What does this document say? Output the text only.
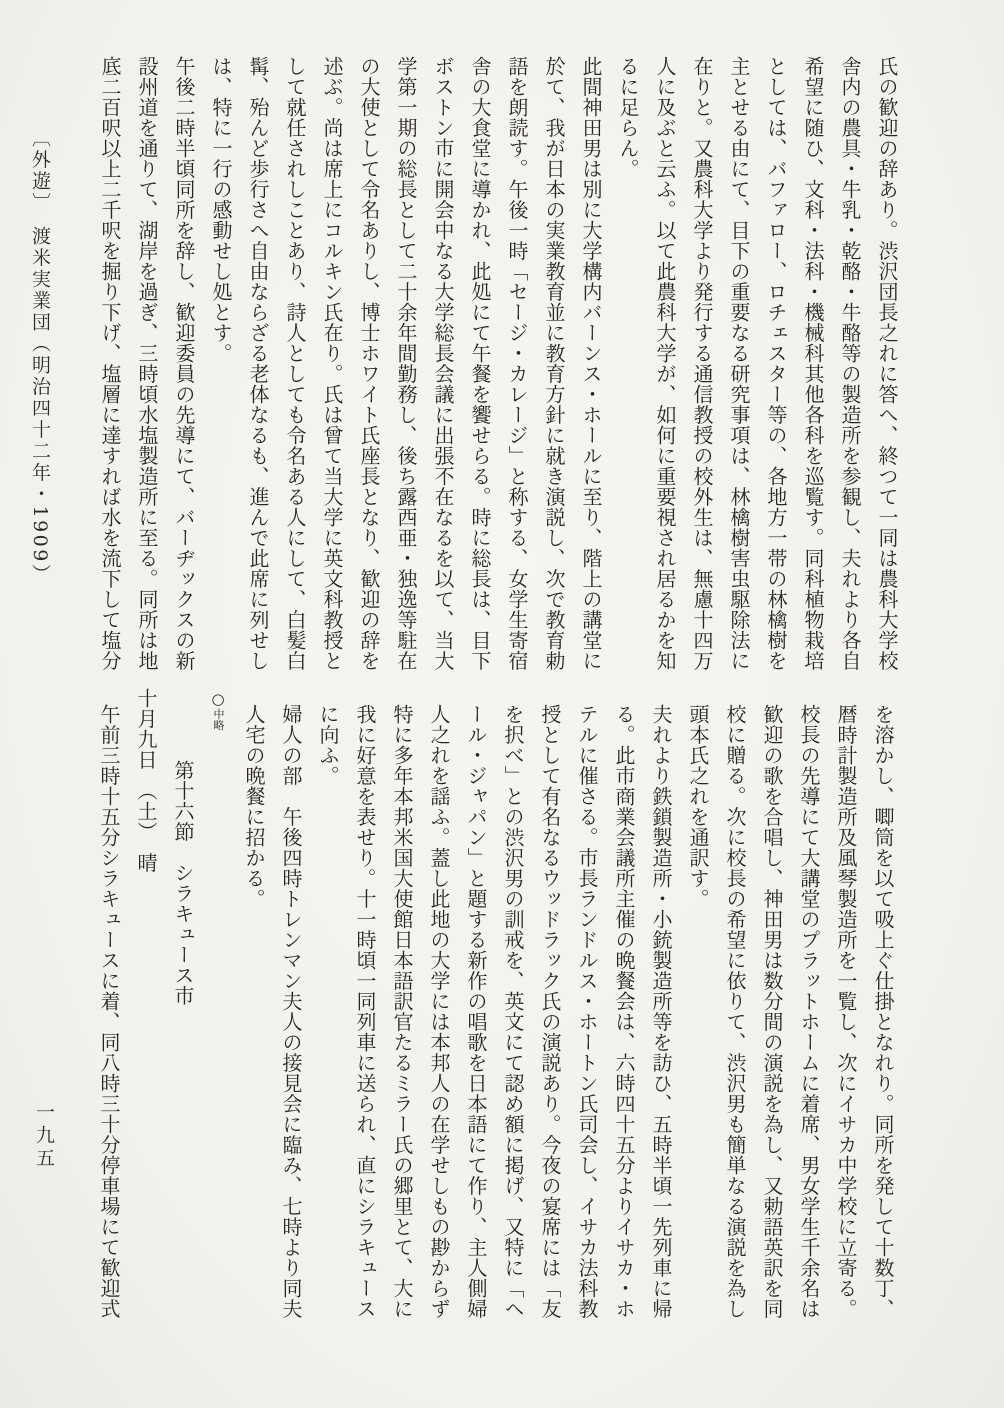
氏の歓迎の辞あり。渋沢団長之れに答へ、終つて一同は農科大学校

舎内の農具・牛乳・乾酪・牛酪等の製造所を参観し、夫れより各自

希望に随ひ、文科・法科・機械科其他各科を巡覧す。同科植物栽培

としては、バファロー、ロチェスター等の、各地方一帯の林檎樹を

主とせる由にて、目下の重要なる研究事項は、林檎樹害虫駆除法に

在りと。又農科大学より発行する通信教授の校外生は、無慮十四万

人に及ぶと云ふ。以て此農科大学が、如何に重要視され居るかを知

るに足らん。

此間神田男は別に大学構内バーンス・ホールに至り、階上の講堂に

於て、我が日本の実業教育並に教育方針に就き演説し、次で教育勅

語を朗読す。午後一時「セージ・カレージ」と称する、女学生寄宿

舎の大食堂に導かれ、此処にて午餐を饗せらる。時に総長は、目下

ボストン市に開会中なる大学総長会議に出張不在なるを以て、当大

学第一期の総長として二十余年間勤務し、後ち露西亜・独逸等駐在

の大使として令名ありし、博士ホワイト氏座長となり、歓迎の辞を

述ぶ。尚は席上にコルキン氏在り。氏は曾て当大学に英文科教授と

して就任されしことあり、詩人としても令名ある人にして、白髪白

髯、殆んど歩行さへ自由ならざる老体なるも、進んで此席に列せし

は、特に一行の感動せし処とす。

午後二時半頃同所を辞し、歓迎委員の先導にて、バーヂックスの新

設州道を通りて、湖岸を過ぎ、三時頃水塩製造所に至る。同所は地

底二百呎以上二千呎を掘り下げ、塩層に達すれば水を流下して塩分

を溶かし、唧筒を以て吸上ぐ仕掛となれり。同所を発して十数丁、

暦時計製造所及風琴製造所を一覧し、次にイサカ中学校に立寄る。

校長の先導にて大講堂のプラットホームに着席、男女学生千余名は

歓迎の歌を合唱し、神田男は数分間の演説を為し、又勅語英訳を同

校に贈る。次に校長の希望に依りて、渋沢男も簡単なる演説を為し

頭本氏之れを通訳す。

夫れより鉄鎖製造所・小銃製造所等を訪ひ、五時半頃一先列車に帰

る。此市商業会議所主催の晩餐会は、六時四十五分よりイサカ・ホ

テルに催さる。市長ランドルス・ホートン氏司会し、イサカ法科教

授として有名なるウッドラック氏の演説あり。今夜の宴席には「友

を択べ」との渋沢男の訓戒を、英文にて認め額に掲げ、又特に「ヘ

ール・ジャパン」と題する新作の唱歌を日本語にて作り、主人側婦

人之れを謡ふ。蓋し此地の大学には本邦人の在学せしもの尠からず

特に多年本邦米国大使館日本語訳官たるミラー氏の郷里とて、大に

我に好意を表せり。十一時頃一同列車に送られ、直にシラキュース

に向ふ。

婦人の部　午後四時トレンマン夫人の接見会に臨み、七時より同夫

人宅の晩餐に招かる。

○中略

第十六節　シラキュース市

十月九日　（土）　晴

午前三時十五分シラキュースに着、同八時三十分停車場にて歓迎式

〔外遊〕　渡米実業団（明治四十二年・1909）
一九五
